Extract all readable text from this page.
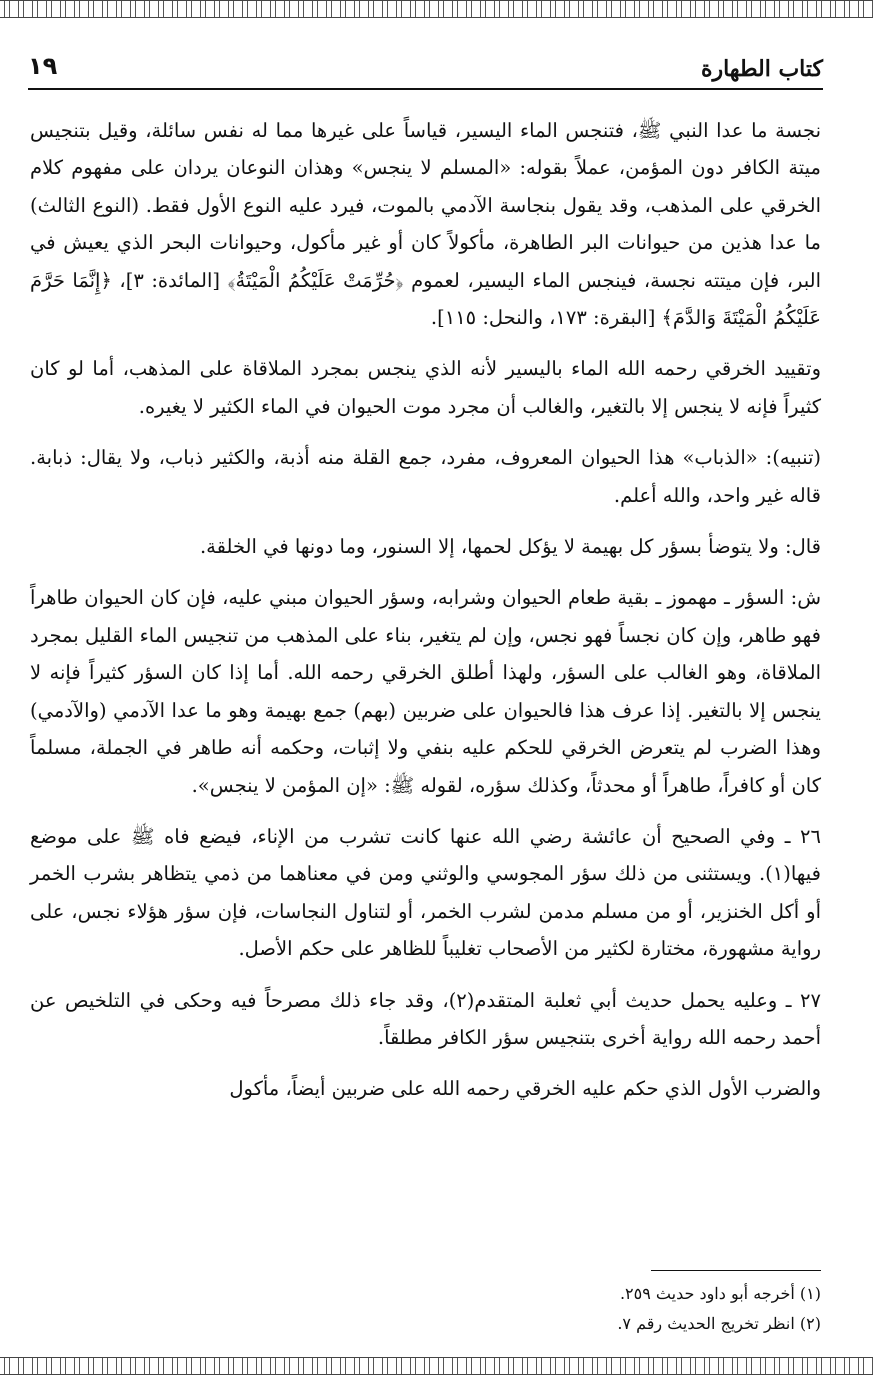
١٩	كتاب الطهارة

نجسة ما عدا النبي ﷺ، فتنجس الماء اليسير، قياساً على غيرها مما له نفس سائلة، وقيل بتنجيس ميتة الكافر دون المؤمن، عملاً بقوله: «المسلم لا ينجس» وهذان النوعان يردان على مفهوم كلام الخرقي على المذهب، وقد يقول بنجاسة الآدمي بالموت، فيرد عليه النوع الأول فقط. (النوع الثالث) ما عدا هذين من حيوانات البر الطاهرة، مأكولاً كان أو غير مأكول، وحيوانات البحر الذي يعيش في البر، فإن ميتته نجسة، فينجس الماء اليسير، لعموم ﴿حُرِّمَتْ عَلَيْكُمُ الْمَيْتَةُ﴾ [المائدة: ٣]، ﴿إِنَّمَا حَرَّمَ عَلَيْكُمُ الْمَيْتَةَ وَالدَّمَ﴾ [البقرة: ١٧٣، والنحل: ١١٥].

وتقييد الخرقي رحمه الله الماء باليسير لأنه الذي ينجس بمجرد الملاقاة على المذهب، أما لو كان كثيراً فإنه لا ينجس إلا بالتغير، والغالب أن مجرد موت الحيوان في الماء الكثير لا يغيره.

(تنبيه): «الذباب» هذا الحيوان المعروف، مفرد، جمع القلة منه أذبة، والكثير ذباب، ولا يقال: ذبابة. قاله غير واحد، والله أعلم.

قال: ولا يتوضأ بسؤر كل بهيمة لا يؤكل لحمها، إلا السنور، وما دونها في الخلقة.

ش: السؤر ـ مهموز ـ بقية طعام الحيوان وشرابه، وسؤر الحيوان مبني عليه، فإن كان الحيوان طاهراً فهو طاهر، وإن كان نجساً فهو نجس، وإن لم يتغير، بناء على المذهب من تنجيس الماء القليل بمجرد الملاقاة، وهو الغالب على السؤر، ولهذا أطلق الخرقي رحمه الله. أما إذا كان السؤر كثيراً فإنه لا ينجس إلا بالتغير. إذا عرف هذا فالحيوان على ضربين (بهم) جمع بهيمة وهو ما عدا الآدمي (والآدمي) وهذا الضرب لم يتعرض الخرقي للحكم عليه بنفي ولا إثبات، وحكمه أنه طاهر في الجملة، مسلماً كان أو كافراً، طاهراً أو محدثاً، وكذلك سؤره، لقوله ﷺ: «إن المؤمن لا ينجس».

٢٦ ـ وفي الصحيح أن عائشة رضي الله عنها كانت تشرب من الإناء، فيضع فاه ﷺ على موضع فيها(١). ويستثنى من ذلك سؤر المجوسي والوثني ومن في معناهما من ذمي يتظاهر بشرب الخمر أو أكل الخنزير، أو من مسلم مدمن لشرب الخمر، أو لتناول النجاسات، فإن سؤر هؤلاء نجس، على رواية مشهورة، مختارة لكثير من الأصحاب تغليباً للظاهر على حكم الأصل.

٢٧ ـ وعليه يحمل حديث أبي ثعلبة المتقدم(٢)، وقد جاء ذلك مصرحاً فيه وحكى في التلخيص عن أحمد رحمه الله رواية أخرى بتنجيس سؤر الكافر مطلقاً.

والضرب الأول الذي حكم عليه الخرقي رحمه الله على ضربين أيضاً، مأكول

(١) أخرجه أبو داود حديث ٢٥٩.

(٢) انظر تخريج الحديث رقم ٧.
